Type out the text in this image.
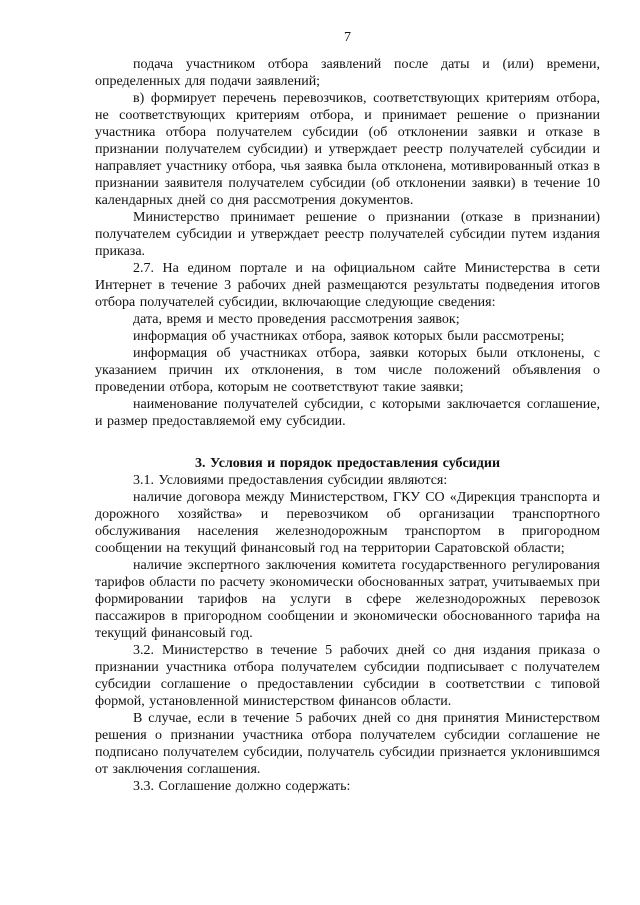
7

подача участником отбора заявлений после даты и (или) времени, определенных для подачи заявлений;

в) формирует перечень перевозчиков, соответствующих критериям отбора, не соответствующих критериям отбора, и принимает решение о признании участника отбора получателем субсидии (об отклонении заявки и отказе в признании получателем субсидии) и утверждает реестр получателей субсидии и направляет участнику отбора, чья заявка была отклонена, мотивированный отказ в признании заявителя получателем субсидии (об отклонении заявки) в течение 10 календарных дней со дня рассмотрения документов.

Министерство принимает решение о признании (отказе в признании) получателем субсидии и утверждает реестр получателей субсидии путем издания приказа.

2.7. На едином портале и на официальном сайте Министерства в сети Интернет в течение 3 рабочих дней размещаются результаты подведения итогов отбора получателей субсидии, включающие следующие сведения:

дата, время и место проведения рассмотрения заявок;

информация об участниках отбора, заявок которых были рассмотрены;

информация об участниках отбора, заявки которых были отклонены, с указанием причин их отклонения, в том числе положений объявления о проведении отбора, которым не соответствуют такие заявки;

наименование получателей субсидии, с которыми заключается соглашение, и размер предоставляемой ему субсидии.

3. Условия и порядок предоставления субсидии

3.1. Условиями предоставления субсидии являются:

наличие договора между Министерством, ГКУ СО «Дирекция транспорта и дорожного хозяйства» и перевозчиком об организации транспортного обслуживания населения железнодорожным транспортом в пригородном сообщении на текущий финансовый год на территории Саратовской области;

наличие экспертного заключения комитета государственного регулирования тарифов области по расчету экономически обоснованных затрат, учитываемых при формировании тарифов на услуги в сфере железнодорожных перевозок пассажиров в пригородном сообщении и экономически обоснованного тарифа на текущий финансовый год.

3.2. Министерство в течение 5 рабочих дней со дня издания приказа о признании участника отбора получателем субсидии подписывает с получателем субсидии соглашение о предоставлении субсидии в соответствии с типовой формой, установленной министерством финансов области.

В случае, если в течение 5 рабочих дней со дня принятия Министерством решения о признании участника отбора получателем субсидии соглашение не подписано получателем субсидии, получатель субсидии признается уклонившимся от заключения соглашения.

3.3. Соглашение должно содержать:
